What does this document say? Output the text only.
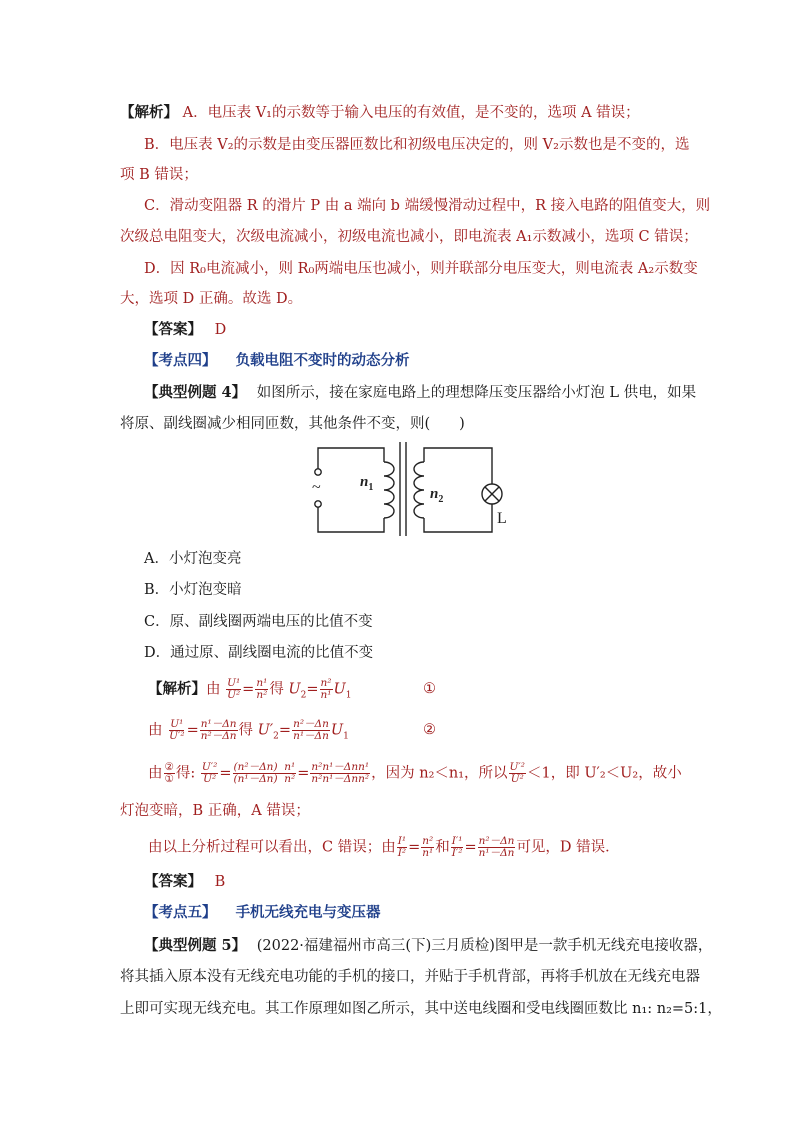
【解析】 A．电压表 V₁的示数等于输入电压的有效值，是不变的，选项 A 错误；
B．电压表 V₂的示数是由变压器匝数比和初级电压决定的，则 V₂示数也是不变的，选
项 B 错误；
C．滑动变阻器 R 的滑片 P 由 a 端向 b 端缓慢滑动过程中，R 接入电路的阻值变大，则
次级总电阻变大，次级电流减小，初级电流也减小，即电流表 A₁示数减小，选项 C 错误；
D．因 R₀电流减小，则 R₀两端电压也减小，则并联部分电压变大，则电流表 A₂示数变
大，选项 D 正确。故选 D。
【答案】 D
【考点四】 负载电阻不变时的动态分析
【典型例题 4】 如图所示，接在家庭电路上的理想降压变压器给小灯泡 L 供电，如果
将原、副线圈减少相同匝数，其他条件不变，则(　　)
~	$n_1$	$n_2$
L
A．小灯泡变亮
B．小灯泡变暗
C．原、副线圈两端电压的比值不变
D．通过原、副线圈电流的比值不变
【解析】由 $\frac{\text{U¹}}{\text{U²}} = \frac{\text{n¹}}{\text{n²}}$ 得 $U_2= \frac{\text{n²}}{\text{n¹}} U_1$	①
由 $\frac{\text{U¹}}{\text{U′²}} = \frac{\text{n¹－Δn}}{\text{n²－Δn}}$ 得 $U'_2= \frac{\text{n²－Δn}}{\text{n¹－Δn}} U_1$	②
由 $\frac{\text{②}}{\text{①}}$ 得: $\frac{\text{U′²}}{\text{U²}} = \frac{\text{(n²－Δn)  n¹}}{\text{(n¹－Δn)  n²}} = \frac{\text{n²n¹－Δnn¹}}{\text{n²n¹－Δnn²}}$ ，因为 n₂＜n₁，所以 $\frac{\text{U′²}}{\text{U²}} <1$，即 U′₂＜U₂，故小
灯泡变暗，B 正确，A 错误；
由以上分析过程可以看出，C 错误；由 $\frac{\text{I¹}}{\text{I²}} = \frac{\text{n²}}{\text{n¹}}$ 和 $\frac{\text{I′¹}}{\text{I′²}} = \frac{\text{n²－Δn}}{\text{n¹－Δn}}$ 可见，D 错误．
【答案】 B
【考点五】 手机无线充电与变压器
【典型例题 5】 (2022·福建福州市高三(下)三月质检)图甲是一款手机无线充电接收器，
将其插入原本没有无线充电功能的手机的接口，并贴于手机背部，再将手机放在无线充电器
上即可实现无线充电。其工作原理如图乙所示，其中送电线圈和受电线圈匝数比 n₁: n₂=5:1，
